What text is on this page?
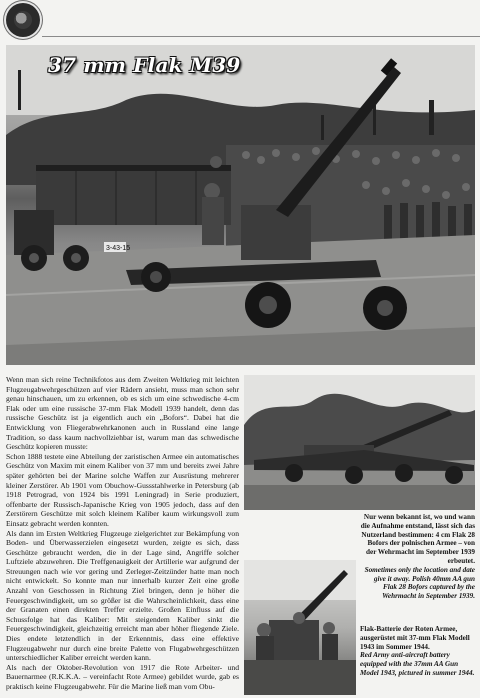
3-43-15
37 mm Flak M39

Wenn man sich reine Technikfotos aus dem Zweiten Weltkrieg mit leichten Flugzeugabwehrgeschützen auf vier Rädern ansieht, muss man schon sehr genau hinschauen, um zu erkennen, ob es sich um eine schwedische 4-cm Flak oder um eine russische 37-mm Flak Modell 1939 handelt, denn das russische Geschütz ist ja eigentlich auch ein „Bofors“. Dabei hat die Entwicklung von Fliegerabwehrkanonen auch in Russland eine lange Tradition, so dass kaum nachvollziehbar ist, warum man das schwedische Geschütz kopieren musste:

Schon 1888 testete eine Abteilung der zaristischen Armee ein automatisches Geschütz von Maxim mit einem Kaliber von 37 mm und bereits zwei Jahre später gehörten bei der Marine solche Waffen zur Ausrüstung mehrerer kleiner Zerstörer. Ab 1901 vom Obuchow-Gussstahlwerke in Petersburg (ab 1918 Petrograd, von 1924 bis 1991 Leningrad) in Serie produziert, offenbarte der Russisch-Japanische Krieg von 1905 jedoch, dass auf den Zerstörern Geschütze mit solch kleinem Kaliber kaum wirkungsvoll zum Einsatz gebracht werden konnten.

Als dann im Ersten Weltkrieg Flugzeuge zielgerichtet zur Bekämpfung von Boden- und Überwasserzielen eingesetzt wurden, zeigte es sich, dass Geschütze gebraucht werden, die in der Lage sind, Angriffe solcher Luftziele abzuwehren. Die Treffgenauigkeit der Artillerie war aufgrund der Streuungen nach wie vor gering und Zerleger-Zeitzünder hatte man noch nicht entwickelt. So konnte man nur innerhalb kurzer Zeit eine große Anzahl von Geschossen in Richtung Ziel bringen, denn je höher die Feuergeschwindigkeit, um so größer ist die Wahrscheinlichkeit, dass eine der Granaten einen direkten Treffer erzielte. Großen Einfluss auf die Schussfolge hat das Kaliber: Mit steigendem Kaliber sinkt die Feuergeschwindigkeit, gleichzeitig erreicht man aber höher fliegende Ziele. Dies endete letztendlich in der Erkenntnis, dass eine effektive Flugzeugabwehr nur durch eine breite Palette von Flugabwehrgeschützen unterschiedlicher Kaliber erreicht werden kann.

Als nach der Oktober-Revolution von 1917 die Rote Arbeiter- und Bauernarmee (R.K.K.A. – vereinfacht Rote Armee) gebildet wurde, gab es praktisch keine Flugzeugabwehr. Für die Marine ließ man vom Obu-

Nur wenn bekannt ist, wo und wann die Aufnahme entstand, lässt sich das Nutzerland bestimmen: 4 cm Flak 28 Bofors der polnischen Armee – von der Wehrmacht im September 1939 erbeutet.

Sometimes only the location and date give it away. Polish 40mm AA gun Flak 28 Bofors captured by the Wehrmacht in September 1939.

Flak-Batterie der Roten Armee, ausgerüstet mit 37-mm Flak Modell 1943 im Sommer 1944.

Red Army anti-aircraft battery equipped with the 37mm AA Gun Model 1943, pictured in summer 1944.
